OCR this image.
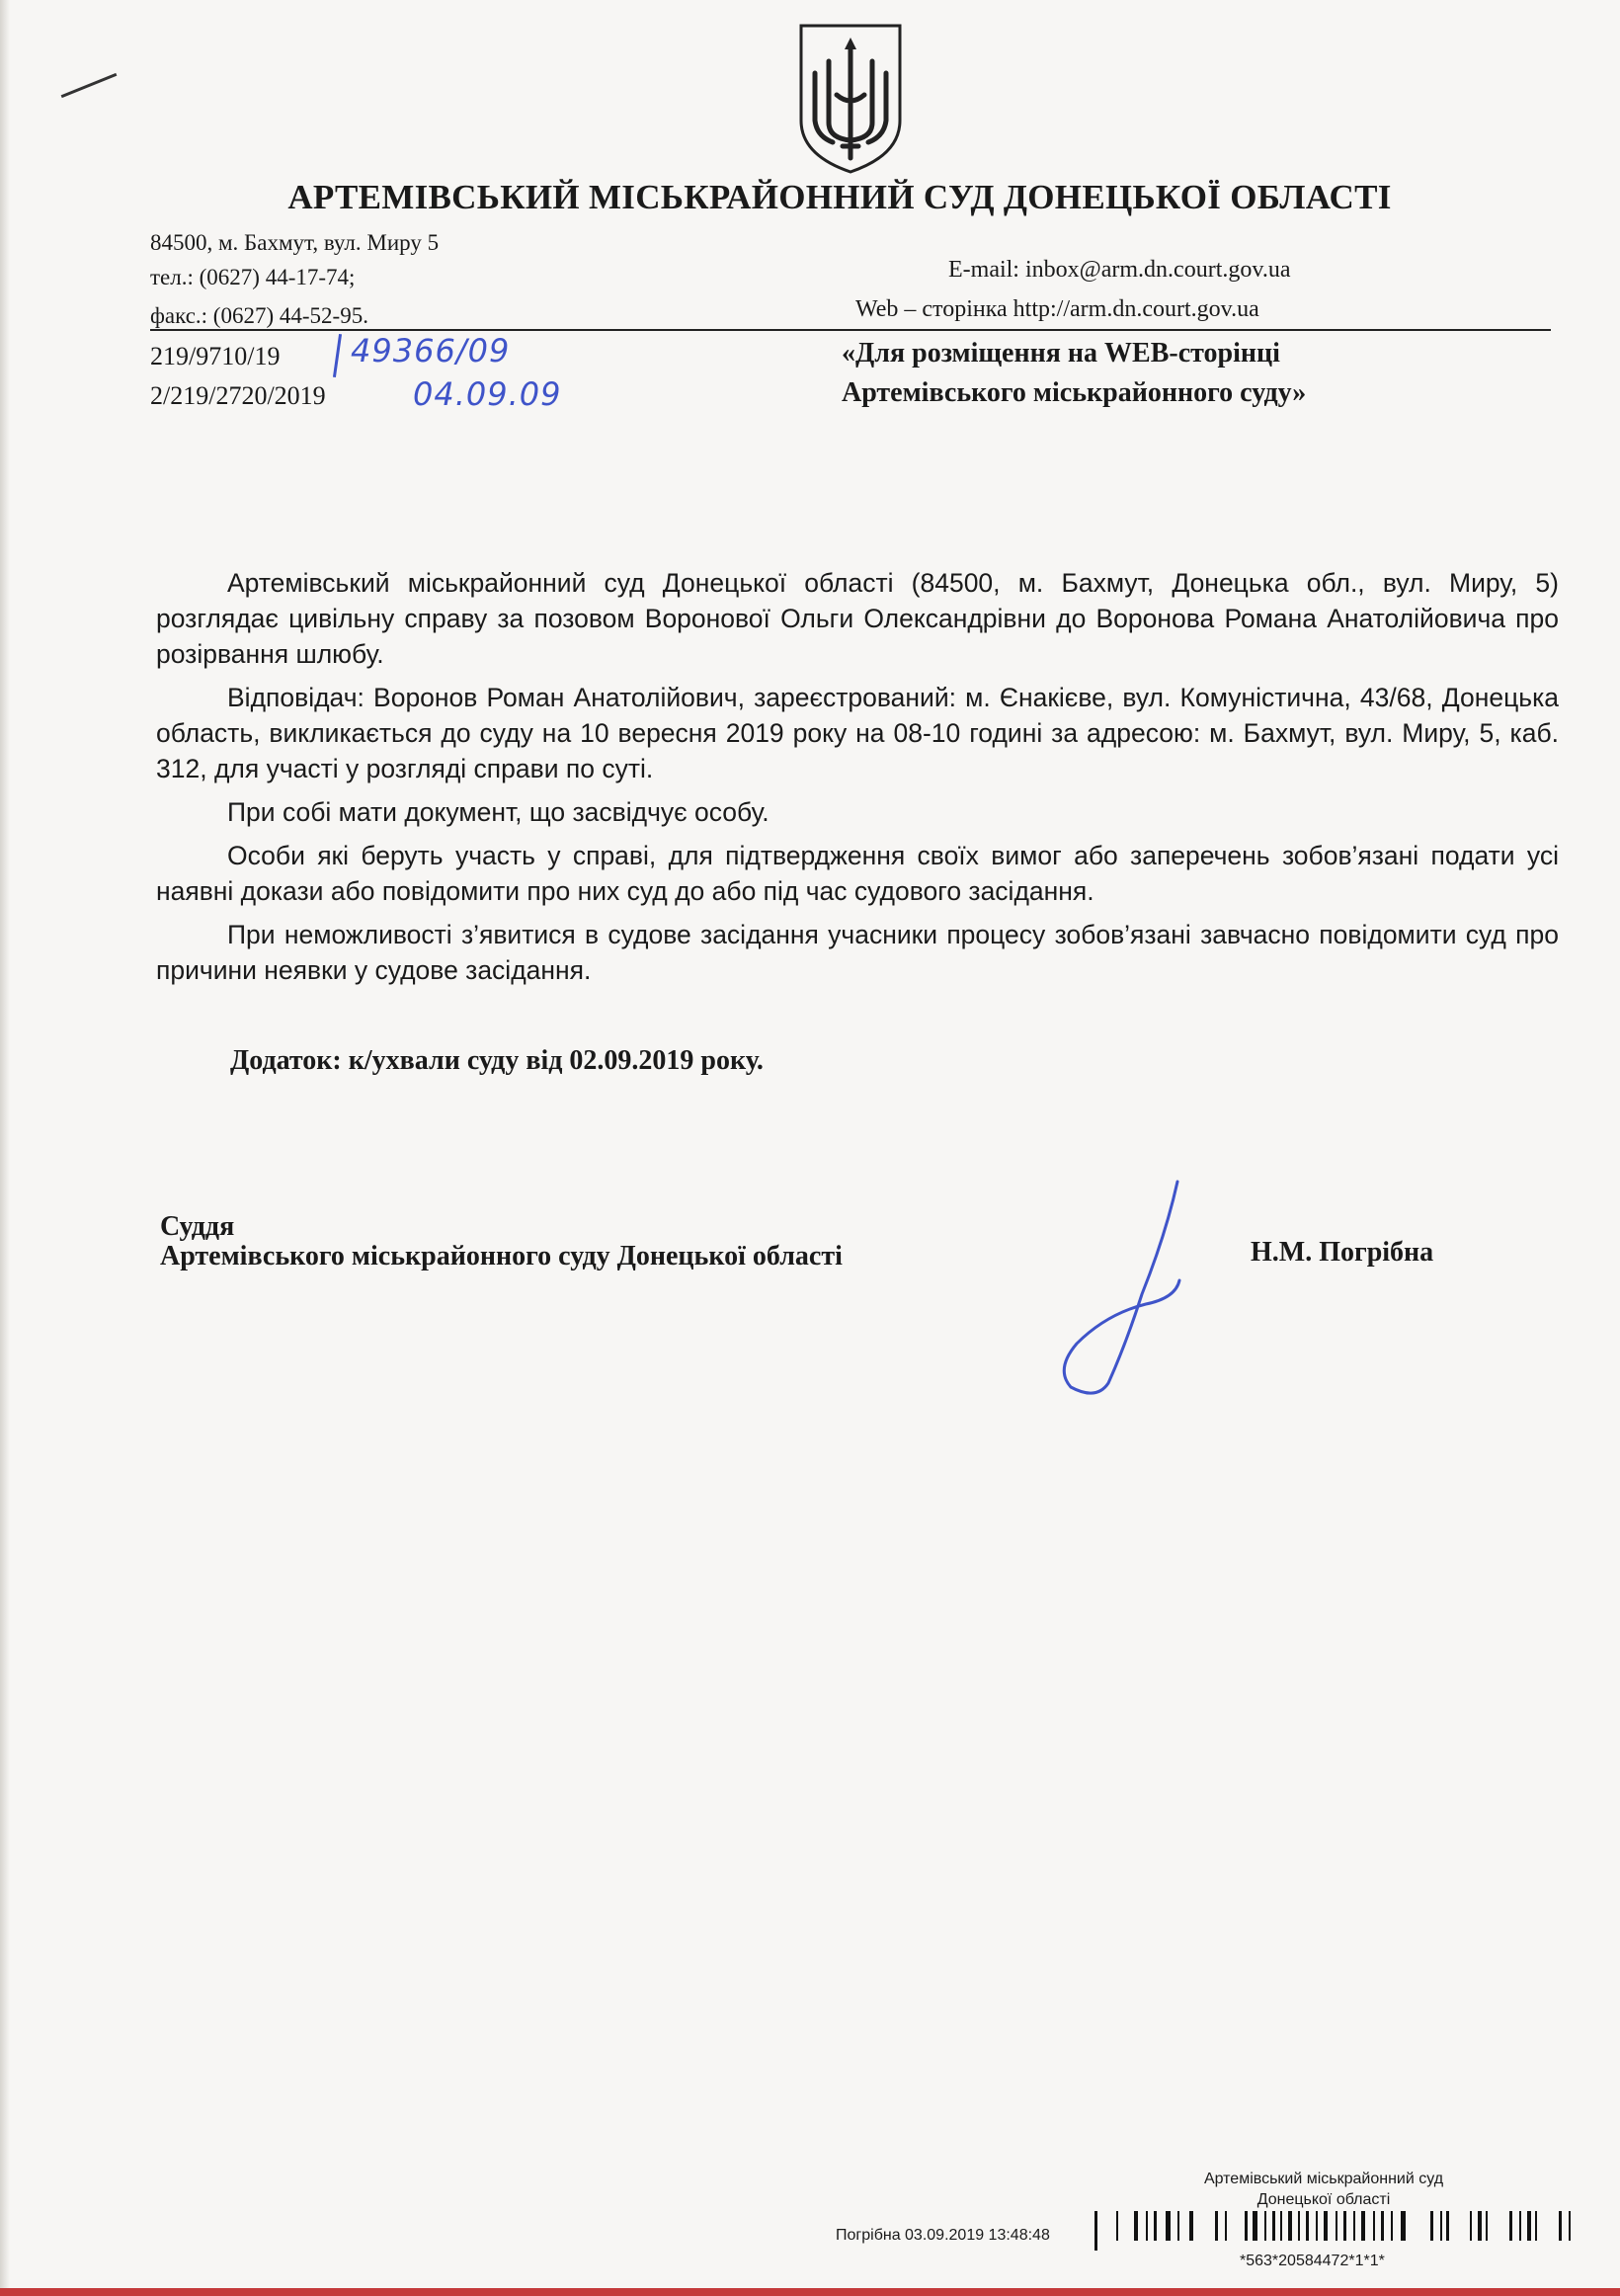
АРТЕМІВСЬКИЙ МІСЬКРАЙОННИЙ СУД ДОНЕЦЬКОЇ ОБЛАСТІ
84500, м. Бахмут, вул. Миру 5
тел.: (0627) 44-17-74;
факс.: (0627) 44-52-95.
E-mail: inbox@arm.dn.court.gov.ua
Web – сторінка http://arm.dn.court.gov.ua
219/9710/19
2/219/2720/2019
49366/09
04.09.09
«Для розміщення на WEB-сторінці
Артемівського міськрайонного суду»

Артемівський міськрайонний суд Донецької області (84500, м. Бахмут, Донецька обл., вул. Миру, 5) розглядає цивільну справу за позовом Воронової Ольги Олександрівни до Воронова Романа Анатолійовича про розірвання шлюбу.

Відповідач: Воронов Роман Анатолійович, зареєстрований: м. Єнакієве, вул. Комуністична, 43/68, Донецька область, викликається до суду на 10 вересня 2019 року на 08-10 годині за адресою: м. Бахмут, вул. Миру, 5, каб. 312, для участі у розгляді справи по суті.

При собі мати документ, що засвідчує особу.

Особи які беруть участь у справі, для підтвердження своїх вимог або заперечень зобов’язані подати усі наявні докази або повідомити про них суд до або під час судового засідання.

При неможливості з’явитися в судове засідання учасники процесу зобов’язані завчасно повідомити суд про причини неявки у судове засідання.

Додаток: к/ухвали суду від 02.09.2019 року.
Суддя
Артемівського міськрайонного суду Донецької області	Н.М. Погрібна
Артемівський міськрайонний суд
Донецької області
Погрібна 03.09.2019 13:48:48
*563*20584472*1*1*
